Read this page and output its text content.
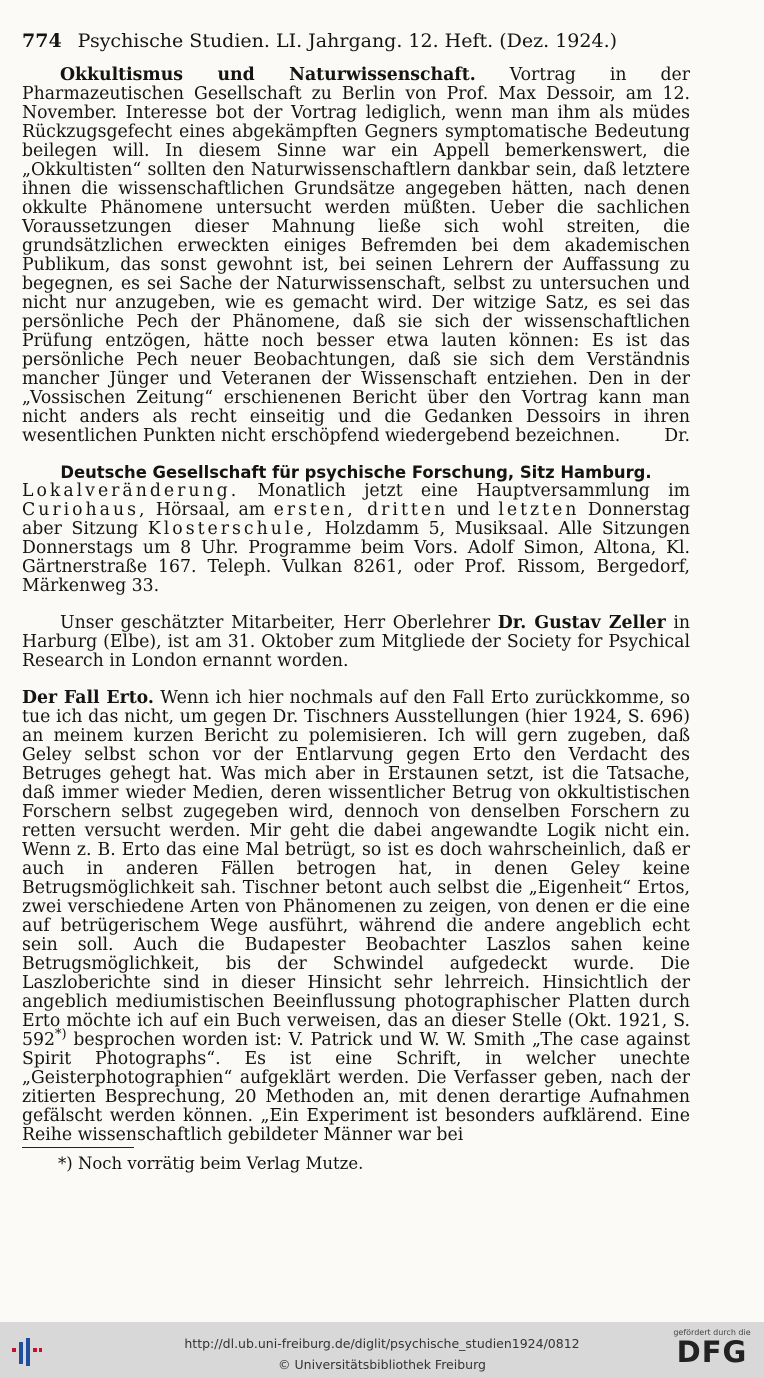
774 Psychische Studien. LI. Jahrgang. 12. Heft. (Dez. 1924.)

Okkultismus und Naturwissenschaft. Vortrag in der Pharmazeutischen Gesellschaft zu Berlin von Prof. Max Dessoir, am 12. November. Interesse bot der Vortrag lediglich, wenn man ihm als müdes Rückzugsgefecht eines abgekämpften Gegners symptomatische Bedeutung beilegen will. In diesem Sinne war ein Appell bemerkenswert, die „Okkultisten“ sollten den Naturwissenschaftlern dankbar sein, daß letztere ihnen die wissenschaftlichen Grundsätze angegeben hätten, nach denen okkulte Phänomene untersucht werden müßten. Ueber die sachlichen Voraussetzungen dieser Mahnung ließe sich wohl streiten, die grundsätzlichen erweckten einiges Befremden bei dem akademischen Publikum, das sonst gewohnt ist, bei seinen Lehrern der Auffassung zu begegnen, es sei Sache der Naturwissenschaft, selbst zu untersuchen und nicht nur anzugeben, wie es gemacht wird. Der witzige Satz, es sei das persönliche Pech der Phänomene, daß sie sich der wissenschaftlichen Prüfung entzögen, hätte noch besser etwa lauten können: Es ist das persönliche Pech neuer Beobachtungen, daß sie sich dem Verständnis mancher Jünger und Veteranen der Wissenschaft entziehen. Den in der „Vossischen Zeitung“ erschienenen Bericht über den Vortrag kann man nicht anders als recht einseitig und die Gedanken Dessoirs in ihren wesentlichen Punkten nicht erschöpfend wiedergebend bezeichnen.	Dr.

Deutsche Gesellschaft für psychische Forschung, Sitz Hamburg.

Lokalveränderung. Monatlich jetzt eine Hauptversammlung im Curiohaus, Hörsaal, am ersten, dritten und letzten Donnerstag aber Sitzung Klosterschule, Holzdamm 5, Musiksaal. Alle Sitzungen Donnerstags um 8 Uhr. Programme beim Vors. Adolf Simon, Altona, Kl. Gärtnerstraße 167. Teleph. Vulkan 8261, oder Prof. Rissom, Bergedorf, Märkenweg 33.

Unser geschätzter Mitarbeiter, Herr Oberlehrer Dr. Gustav Zeller in Harburg (Elbe), ist am 31. Oktober zum Mitgliede der Society for Psychical Research in London ernannt worden.

Der Fall Erto. Wenn ich hier nochmals auf den Fall Erto zurückkomme, so tue ich das nicht, um gegen Dr. Tischners Ausstellungen (hier 1924, S. 696) an meinem kurzen Bericht zu polemisieren. Ich will gern zugeben, daß Geley selbst schon vor der Entlarvung gegen Erto den Verdacht des Betruges gehegt hat. Was mich aber in Erstaunen setzt, ist die Tatsache, daß immer wieder Medien, deren wissentlicher Betrug von okkultistischen Forschern selbst zugegeben wird, dennoch von denselben Forschern zu retten versucht werden. Mir geht die dabei angewandte Logik nicht ein. Wenn z. B. Erto das eine Mal betrügt, so ist es doch wahrscheinlich, daß er auch in anderen Fällen betrogen hat, in denen Geley keine Betrugsmöglichkeit sah. Tischner betont auch selbst die „Eigenheit“ Ertos, zwei verschiedene Arten von Phänomenen zu zeigen, von denen er die eine auf betrügerischem Wege ausführt, während die andere angeblich echt sein soll. Auch die Budapester Beobachter Laszlos sahen keine Betrugsmöglichkeit, bis der Schwindel aufgedeckt wurde. Die Laszloberichte sind in dieser Hinsicht sehr lehrreich. Hinsichtlich der angeblich mediumistischen Beeinflussung photographischer Platten durch Erto möchte ich auf ein Buch verweisen, das an dieser Stelle (Okt. 1921, S. 592*) besprochen worden ist: V. Patrick und W. W. Smith „The case against Spirit Photographs“. Es ist eine Schrift, in welcher unechte „Geisterphotographien“ aufgeklärt werden. Die Verfasser geben, nach der zitierten Besprechung, 20 Methoden an, mit denen derartige Aufnahmen gefälscht werden können. „Ein Experiment ist besonders aufklärend. Eine Reihe wissenschaftlich gebildeter Männer war bei

*) Noch vorrätig beim Verlag Mutze.

http://dl.ub.uni-freiburg.de/diglit/psychische_studien1924/0812
© Universitätsbibliothek Freiburg
gefördert durch die
DFG
